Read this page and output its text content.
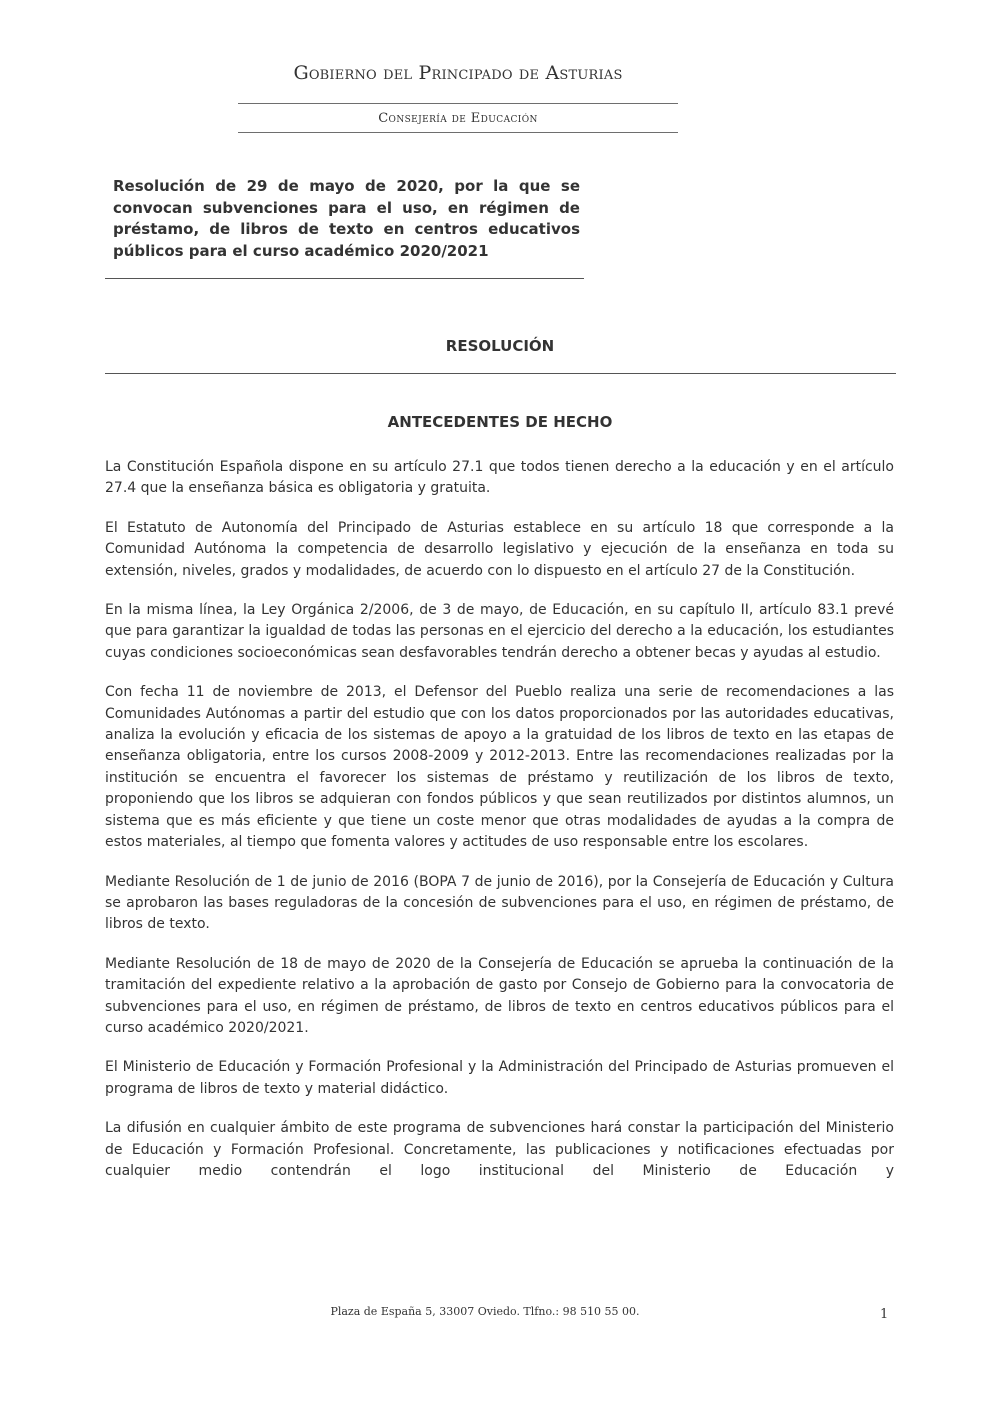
Gobierno del Principado de Asturias
Consejería de Educación
Resolución de 29 de mayo de 2020, por la que se convocan subvenciones para el uso, en régimen de préstamo, de libros de texto en centros educativos públicos para el curso académico 2020/2021
RESOLUCIÓN
ANTECEDENTES DE HECHO

La Constitución Española dispone en su artículo 27.1 que todos tienen derecho a la educación y en el artículo 27.4 que la enseñanza básica es obligatoria y gratuita.

El Estatuto de Autonomía del Principado de Asturias establece en su artículo 18 que corresponde a la Comunidad Autónoma la competencia de desarrollo legislativo y ejecución de la enseñanza en toda su extensión, niveles, grados y modalidades, de acuerdo con lo dispuesto en el artículo 27 de la Constitución.

En la misma línea, la Ley Orgánica 2/2006, de 3 de mayo, de Educación, en su capítulo II, artículo 83.1 prevé que para garantizar la igualdad de todas las personas en el ejercicio del derecho a la educación, los estudiantes cuyas condiciones socioeconómicas sean desfavorables tendrán derecho a obtener becas y ayudas al estudio.

Con fecha 11 de noviembre de 2013, el Defensor del Pueblo realiza una serie de recomendaciones a las Comunidades Autónomas a partir del estudio que con los datos proporcionados por las autoridades educativas, analiza la evolución y eficacia de los sistemas de apoyo a la gratuidad de los libros de texto en las etapas de enseñanza obligatoria, entre los cursos 2008-2009 y 2012-2013. Entre las recomendaciones realizadas por la institución se encuentra el favorecer los sistemas de préstamo y reutilización de los libros de texto, proponiendo que los libros se adquieran con fondos públicos y que sean reutilizados por distintos alumnos, un sistema que es más eficiente y que tiene un coste menor que otras modalidades de ayudas a la compra de estos materiales, al tiempo que fomenta valores y actitudes de uso responsable entre los escolares.

Mediante Resolución de 1 de junio de 2016 (BOPA 7 de junio de 2016), por la Consejería de Educación y Cultura se aprobaron las bases reguladoras de la concesión de subvenciones para el uso, en régimen de préstamo, de libros de texto.

Mediante Resolución de 18 de mayo de 2020 de la Consejería de Educación se aprueba la continuación de la tramitación del expediente relativo a la aprobación de gasto por Consejo de Gobierno para la convocatoria de subvenciones para el uso, en régimen de préstamo, de libros de texto en centros educativos públicos para el curso académico 2020/2021.

El Ministerio de Educación y Formación Profesional y la Administración del Principado de Asturias promueven el programa de libros de texto y material didáctico.

La difusión en cualquier ámbito de este programa de subvenciones hará constar la participación del Ministerio de Educación y Formación Profesional. Concretamente, las publicaciones y notificaciones efectuadas por cualquier medio contendrán el logo institucional del Ministerio de Educación y

Plaza de España 5, 33007 Oviedo. Tlfno.: 98 510 55 00.	1
